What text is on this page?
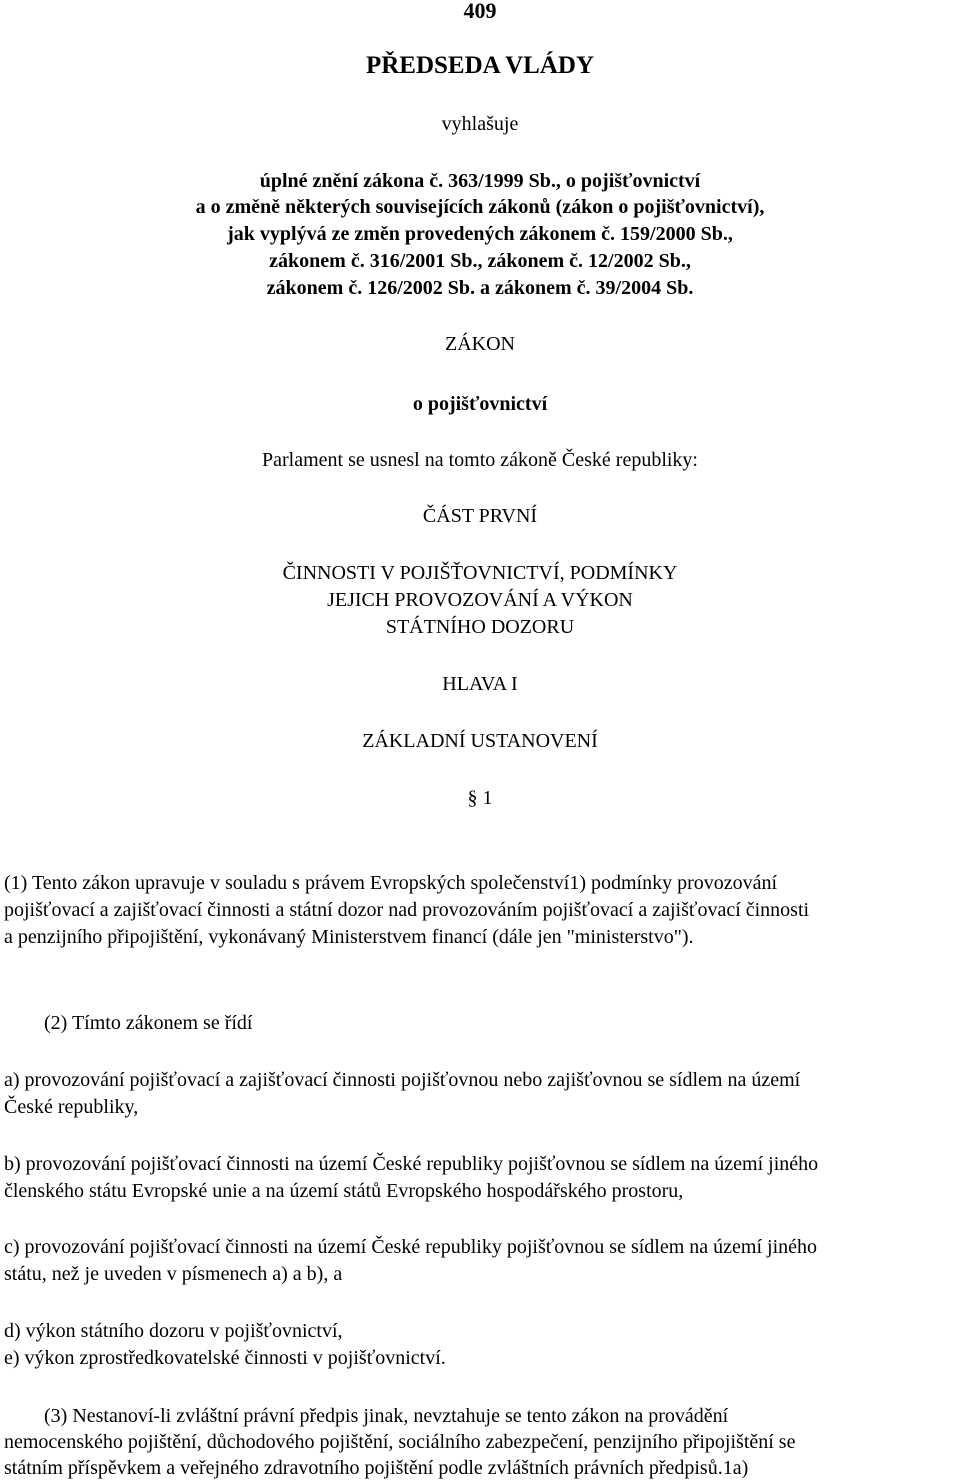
409
PŘEDSEDA VLÁDY
vyhlašuje
úplné znění zákona č. 363/1999 Sb., o pojišťovnictví
a o změně některých souvisejících zákonů (zákon o pojišťovnictví),
jak vyplývá ze změn provedených zákonem č. 159/2000 Sb.,
zákonem č. 316/2001 Sb., zákonem č. 12/2002 Sb.,
zákonem č. 126/2002 Sb. a zákonem č. 39/2004 Sb.
ZÁKON
o pojišťovnictví
Parlament se usnesl na tomto zákoně České republiky:
ČÁST PRVNÍ
ČINNOSTI V POJIŠŤOVNICTVÍ, PODMÍNKY
JEJICH PROVOZOVÁNÍ A VÝKON
STÁTNÍHO DOZORU
HLAVA I
ZÁKLADNÍ USTANOVENÍ
§ 1
(1) Tento zákon upravuje v souladu s právem Evropských společenství1) podmínky provozování
pojišťovací a zajišťovací činnosti a státní dozor nad provozováním pojišťovací a zajišťovací činnosti
a penzijního připojištění, vykonávaný Ministerstvem financí (dále jen "ministerstvo").
(2) Tímto zákonem se řídí
a) provozování pojišťovací a zajišťovací činnosti pojišťovnou nebo zajišťovnou se sídlem na území
České republiky,
b) provozování pojišťovací činnosti na území České republiky pojišťovnou se sídlem na území jiného
členského státu Evropské unie a na území států Evropského hospodářského prostoru,
c) provozování pojišťovací činnosti na území České republiky pojišťovnou se sídlem na území jiného
státu, než je uveden v písmenech a) a b), a
d) výkon státního dozoru v pojišťovnictví,
e) výkon zprostředkovatelské činnosti v pojišťovnictví.
(3) Nestanoví-li zvláštní právní předpis jinak, nevztahuje se tento zákon na provádění
nemocenského pojištění, důchodového pojištění, sociálního zabezpečení, penzijního připojištění se
státním příspěvkem a veřejného zdravotního pojištění podle zvláštních právních předpisů.1a)
